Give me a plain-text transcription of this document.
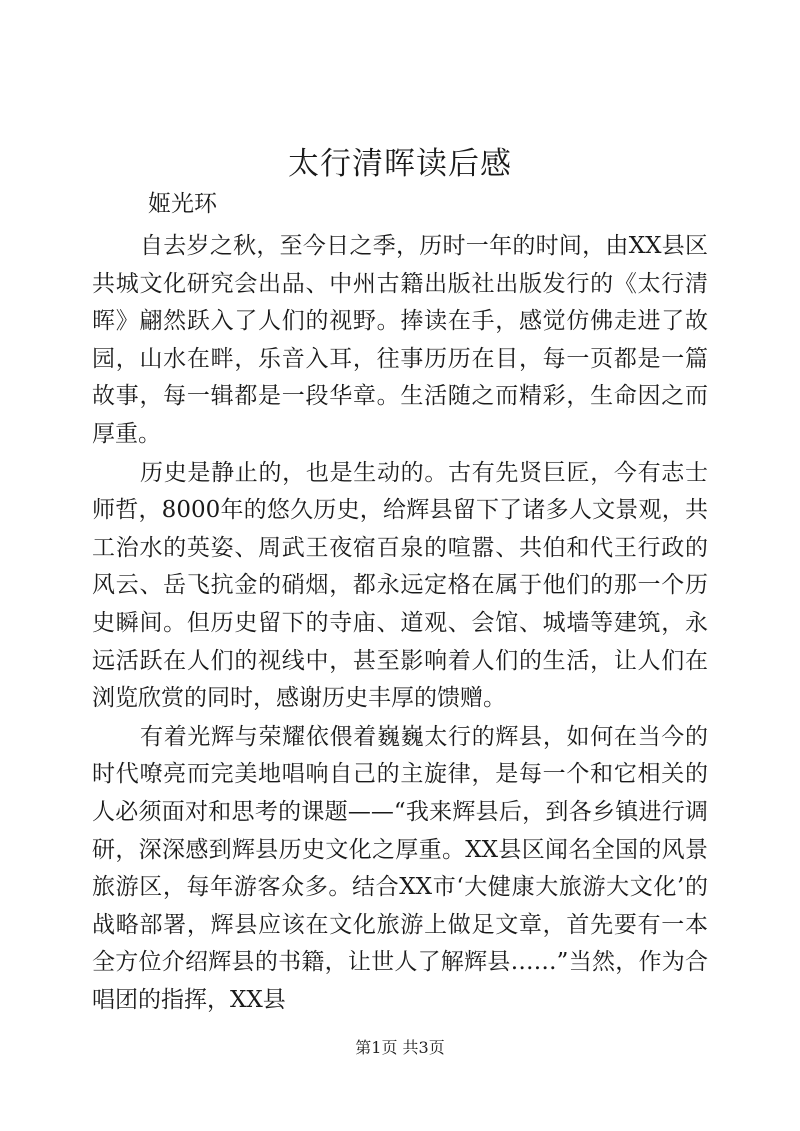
太行清晖读后感
姬光环

自去岁之秋，至今日之季，历时一年的时间，由XX县区共城文化研究会出品、中州古籍出版社出版发行的《太行清晖》翩然跃入了人们的视野。捧读在手，感觉仿佛走进了故园，山水在畔，乐音入耳，往事历历在目，每一页都是一篇故事，每一辑都是一段华章。生活随之而精彩，生命因之而厚重。

历史是静止的，也是生动的。古有先贤巨匠，今有志士师哲，8000年的悠久历史，给辉县留下了诸多人文景观，共工治水的英姿、周武王夜宿百泉的喧嚣、共伯和代王行政的风云、岳飞抗金的硝烟，都永远定格在属于他们的那一个历史瞬间。但历史留下的寺庙、道观、会馆、城墙等建筑，永远活跃在人们的视线中，甚至影响着人们的生活，让人们在浏览欣赏的同时，感谢历史丰厚的馈赠。

有着光辉与荣耀依偎着巍巍太行的辉县，如何在当今的时代嘹亮而完美地唱响自己的主旋律，是每一个和它相关的人必须面对和思考的课题——“我来辉县后，到各乡镇进行调研，深深感到辉县历史文化之厚重。XX县区闻名全国的风景旅游区，每年游客众多。结合XX市‘大健康大旅游大文化’的战略部署，辉县应该在文化旅游上做足文章，首先要有一本全方位介绍辉县的书籍，让世人了解辉县……”当然，作为合唱团的指挥，XX县

第1页 共3页
